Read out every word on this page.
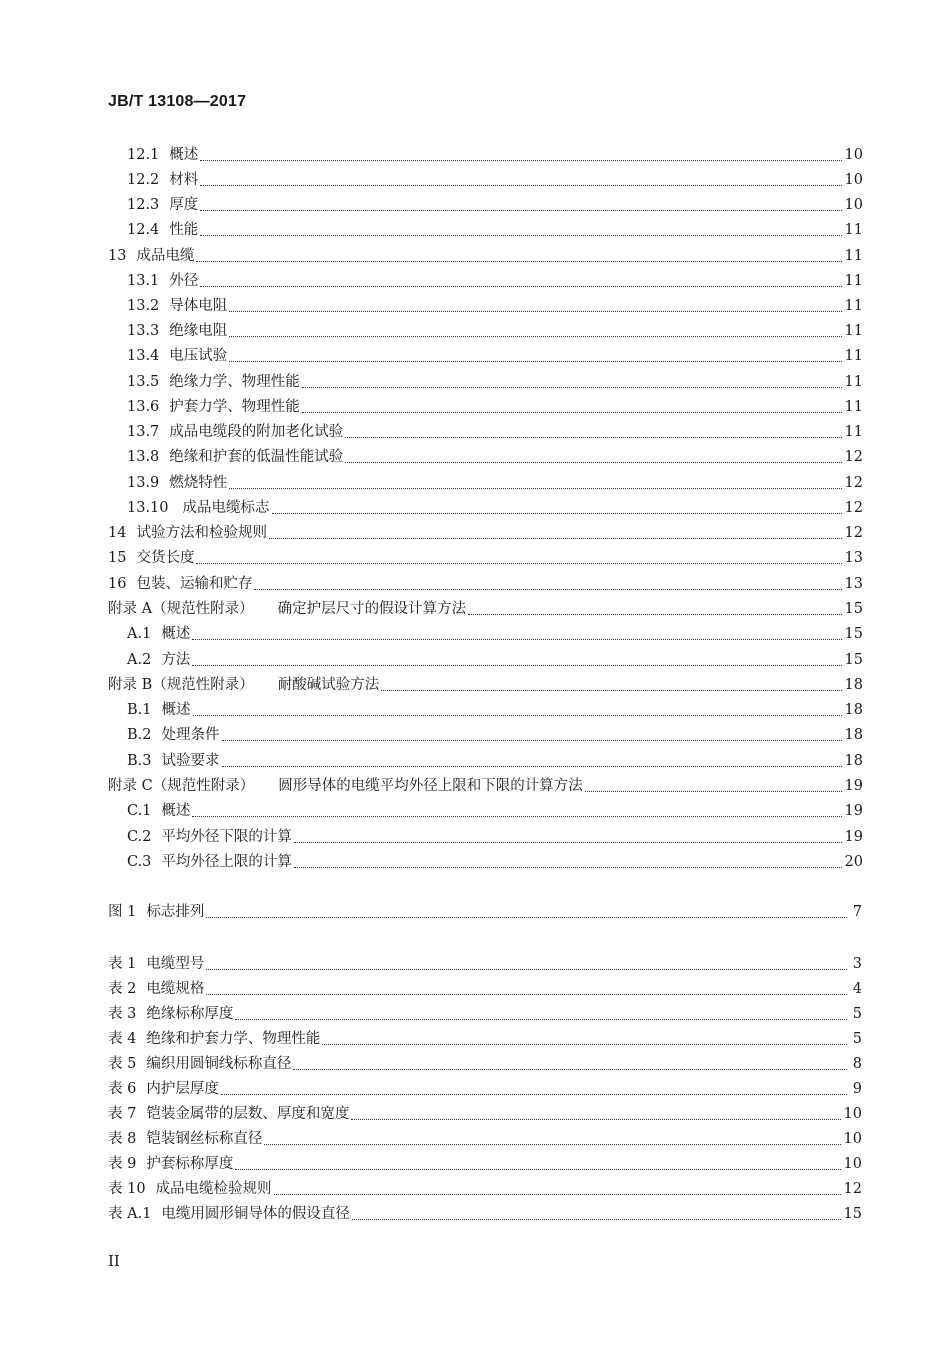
JB/T 13108—2017
12.1 概述	10
12.2 材料	10
12.3 厚度	10
12.4 性能	11
13 成品电缆	11
13.1 外径	11
13.2 导体电阻	11
13.3 绝缘电阻	11
13.4 电压试验	11
13.5 绝缘力学、物理性能	11
13.6 护套力学、物理性能	11
13.7 成品电缆段的附加老化试验	11
13.8 绝缘和护套的低温性能试验	12
13.9 燃烧特性	12
13.10 成品电缆标志	12
14 试验方法和检验规则	12
15 交货长度	13
16 包装、运输和贮存	13
附录 A（规范性附录） 确定护层尺寸的假设计算方法	15
A.1 概述	15
A.2 方法	15
附录 B（规范性附录） 耐酸碱试验方法	18
B.1 概述	18
B.2 处理条件	18
B.3 试验要求	18
附录 C（规范性附录） 圆形导体的电缆平均外径上限和下限的计算方法	19
C.1 概述	19
C.2 平均外径下限的计算	19
C.3 平均外径上限的计算	20
图 1 标志排列	7
表 1 电缆型号	3
表 2 电缆规格	4
表 3 绝缘标称厚度	5
表 4 绝缘和护套力学、物理性能	5
表 5 编织用圆铜线标称直径	8
表 6 内护层厚度	9
表 7 铠装金属带的层数、厚度和宽度	10
表 8 铠装钢丝标称直径	10
表 9 护套标称厚度	10
表 10 成品电缆检验规则	12
表 A.1 电缆用圆形铜导体的假设直径	15
II
